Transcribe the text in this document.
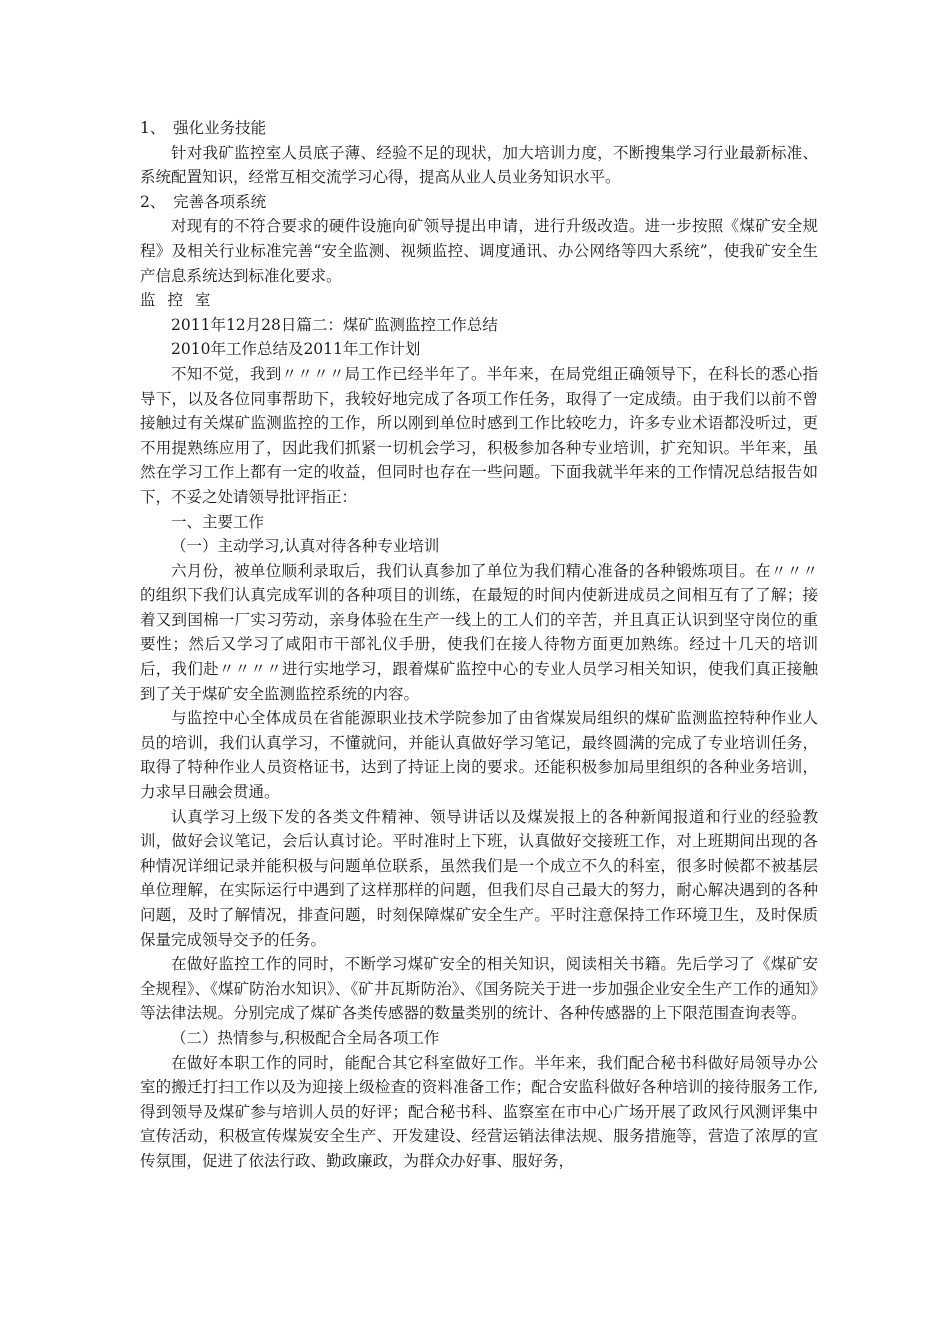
1、　强化业务技能

针对我矿监控室人员底子薄、经验不足的现状，加大培训力度，不断搜集学习行业最新标准、系统配置知识，经常互相交流学习心得，提高从业人员业务知识水平。

2、　完善各项系统

对现有的不符合要求的硬件设施向矿领导提出申请，进行升级改造。进一步按照《煤矿安全规程》及相关行业标准完善“安全监测、视频监控、调度通讯、办公网络等四大系统”，使我矿安全生产信息系统达到标准化要求。

监控室

2011年12月28日篇二：煤矿监测监控工作总结

2010年工作总结及2011年工作计划

不知不觉，我到〃〃〃〃局工作已经半年了。半年来，在局党组正确领导下，在科长的悉心指导下，以及各位同事帮助下，我较好地完成了各项工作任务，取得了一定成绩。由于我们以前不曾接触过有关煤矿监测监控的工作，所以刚到单位时感到工作比较吃力，许多专业术语都没听过，更不用提熟练应用了，因此我们抓紧一切机会学习，积极参加各种专业培训，扩充知识。半年来，虽然在学习工作上都有一定的收益，但同时也存在一些问题。下面我就半年来的工作情况总结报告如下，不妥之处请领导批评指正：

一、主要工作

（一）主动学习,认真对待各种专业培训

六月份，被单位顺利录取后，我们认真参加了单位为我们精心准备的各种锻炼项目。在〃〃〃的组织下我们认真完成军训的各种项目的训练，在最短的时间内使新进成员之间相互有了了解；接着又到国棉一厂实习劳动，亲身体验在生产一线上的工人们的辛苦，并且真正认识到坚守岗位的重要性；然后又学习了咸阳市干部礼仪手册，使我们在接人待物方面更加熟练。经过十几天的培训后，我们赴〃〃〃〃进行实地学习，跟着煤矿监控中心的专业人员学习相关知识，使我们真正接触到了关于煤矿安全监测监控系统的内容。

与监控中心全体成员在省能源职业技术学院参加了由省煤炭局组织的煤矿监测监控特种作业人员的培训，我们认真学习，不懂就问，并能认真做好学习笔记，最终圆满的完成了专业培训任务，取得了特种作业人员资格证书，达到了持证上岗的要求。还能积极参加局里组织的各种业务培训，力求早日融会贯通。

认真学习上级下发的各类文件精神、领导讲话以及煤炭报上的各种新闻报道和行业的经验教训，做好会议笔记，会后认真讨论。平时准时上下班，认真做好交接班工作，对上班期间出现的各种情况详细记录并能积极与问题单位联系，虽然我们是一个成立不久的科室，很多时候都不被基层单位理解，在实际运行中遇到了这样那样的问题，但我们尽自己最大的努力，耐心解决遇到的各种问题，及时了解情况，排查问题，时刻保障煤矿安全生产。平时注意保持工作环境卫生，及时保质保量完成领导交予的任务。

在做好监控工作的同时，不断学习煤矿安全的相关知识，阅读相关书籍。先后学习了《煤矿安全规程》、《煤矿防治水知识》、《矿井瓦斯防治》、《国务院关于进一步加强企业安全生产工作的通知》等法律法规。分别完成了煤矿各类传感器的数量类别的统计、各种传感器的上下限范围查询表等。

（二）热情参与,积极配合全局各项工作

在做好本职工作的同时，能配合其它科室做好工作。半年来，我们配合秘书科做好局领导办公室的搬迁打扫工作以及为迎接上级检查的资料准备工作；配合安监科做好各种培训的接待服务工作,得到领导及煤矿参与培训人员的好评；配合秘书科、监察室在市中心广场开展了政风行风测评集中宣传活动，积极宣传煤炭安全生产、开发建设、经营运销法律法规、服务措施等，营造了浓厚的宣传氛围，促进了依法行政、勤政廉政，为群众办好事、服好务，
